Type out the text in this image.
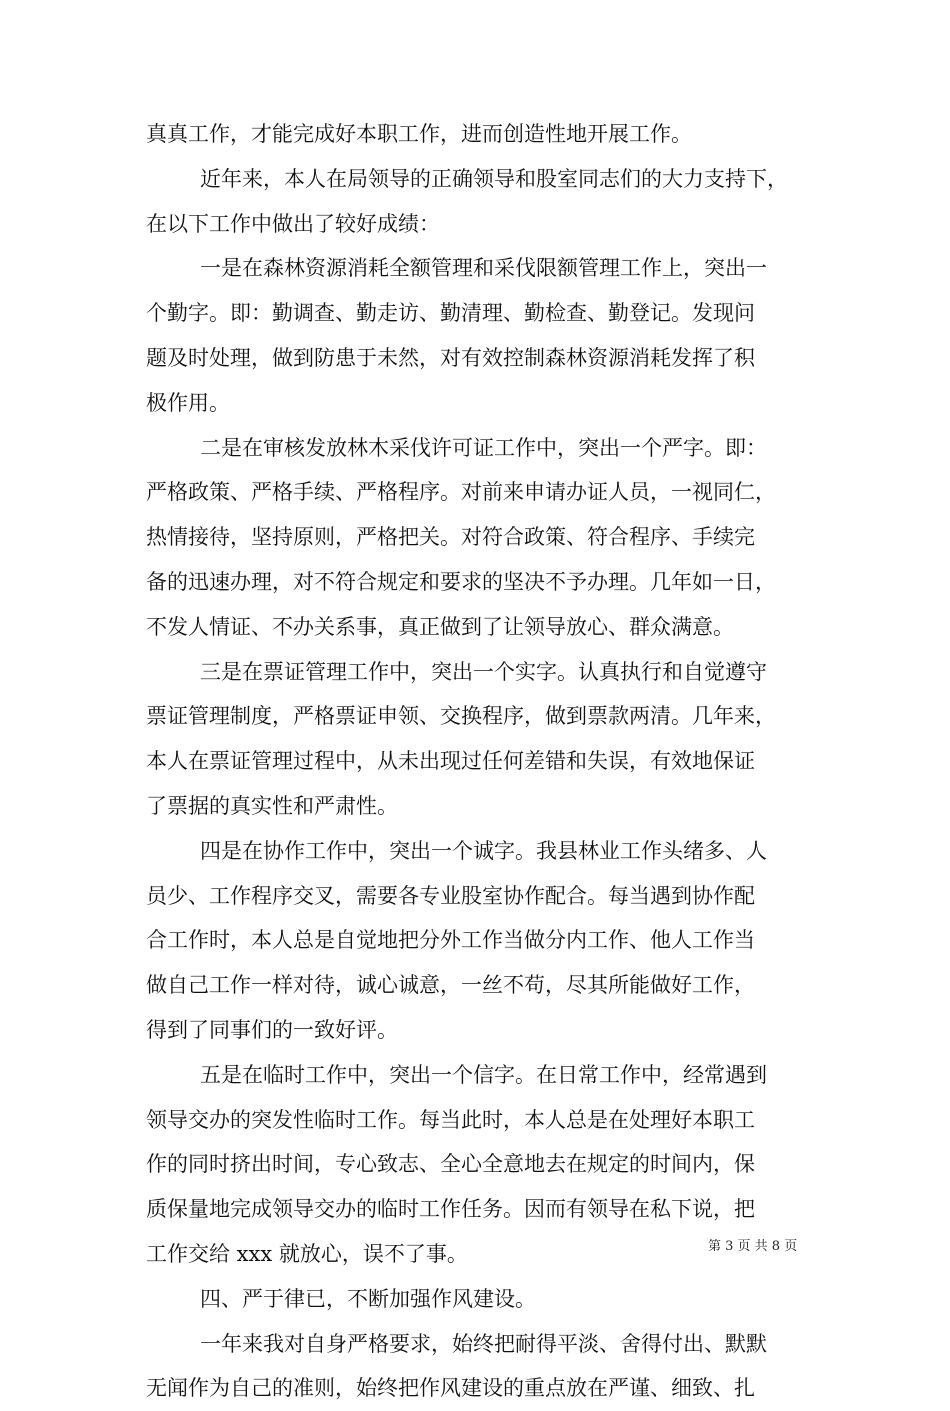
真真工作，才能完成好本职工作，进而创造性地开展工作。
近年来，本人在局领导的正确领导和股室同志们的大力支持下，
在以下工作中做出了较好成绩：
一是在森林资源消耗全额管理和采伐限额管理工作上，突出一
个勤字。即：勤调查、勤走访、勤清理、勤检查、勤登记。发现问
题及时处理，做到防患于未然，对有效控制森林资源消耗发挥了积
极作用。
二是在审核发放林木采伐许可证工作中，突出一个严字。即：
严格政策、严格手续、严格程序。对前来申请办证人员，一视同仁，
热情接待，坚持原则，严格把关。对符合政策、符合程序、手续完
备的迅速办理，对不符合规定和要求的坚决不予办理。几年如一日，
不发人情证、不办关系事，真正做到了让领导放心、群众满意。
三是在票证管理工作中，突出一个实字。认真执行和自觉遵守
票证管理制度，严格票证申领、交换程序，做到票款两清。几年来，
本人在票证管理过程中，从未出现过任何差错和失误，有效地保证
了票据的真实性和严肃性。
四是在协作工作中，突出一个诚字。我县林业工作头绪多、人
员少、工作程序交叉，需要各专业股室协作配合。每当遇到协作配
合工作时，本人总是自觉地把分外工作当做分内工作、他人工作当
做自己工作一样对待，诚心诚意，一丝不苟，尽其所能做好工作，
得到了同事们的一致好评。
五是在临时工作中，突出一个信字。在日常工作中，经常遇到
领导交办的突发性临时工作。每当此时，本人总是在处理好本职工
作的同时挤出时间，专心致志、全心全意地去在规定的时间内，保
质保量地完成领导交办的临时工作任务。因而有领导在私下说，把
工作交给 xxx 就放心，误不了事。
四、严于律已，不断加强作风建设。
一年来我对自身严格要求，始终把耐得平淡、舍得付出、默默
无闻作为自己的准则，始终把作风建设的重点放在严谨、细致、扎
第 3 页 共 8 页
